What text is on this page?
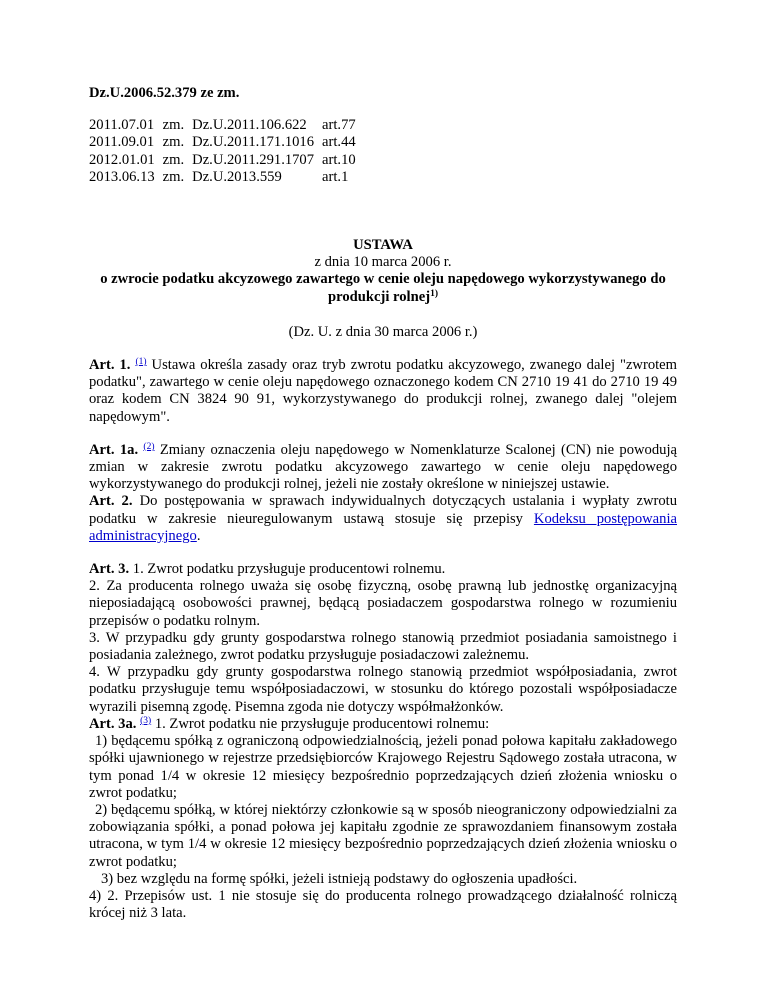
Dz.U.2006.52.379 ze zm.
2011.07.01	zm.	Dz.U.2011.106.622	art.77
2011.09.01	zm.	Dz.U.2011.171.1016	art.44
2012.01.01	zm.	Dz.U.2011.291.1707	art.10
2013.06.13	zm.	Dz.U.2013.559	art.1
USTAWA
z dnia 10 marca 2006 r.
o zwrocie podatku akcyzowego zawartego w cenie oleju napędowego wykorzystywanego do produkcji rolnej$^{1)}$
(Dz. U. z dnia 30 marca 2006 r.)

Art. 1. $^{(1)}$ Ustawa określa zasady oraz tryb zwrotu podatku akcyzowego, zwanego dalej "zwrotem podatku", zawartego w cenie oleju napędowego oznaczonego kodem CN 2710 19 41 do 2710 19 49 oraz kodem CN 3824 90 91, wykorzystywanego do produkcji rolnej, zwanego dalej "olejem napędowym".

Art. 1a. $^{(2)}$ Zmiany oznaczenia oleju napędowego w Nomenklaturze Scalonej (CN) nie powodują zmian w zakresie zwrotu podatku akcyzowego zawartego w cenie oleju napędowego wykorzystywanego do produkcji rolnej, jeżeli nie zostały określone w niniejszej ustawie.

Art. 2. Do postępowania w sprawach indywidualnych dotyczących ustalania i wypłaty zwrotu podatku w zakresie nieuregulowanym ustawą stosuje się przepisy Kodeksu postępowania administracyjnego.

Art. 3. 1. Zwrot podatku przysługuje producentowi rolnemu.

2. Za producenta rolnego uważa się osobę fizyczną, osobę prawną lub jednostkę organizacyjną nieposiadającą osobowości prawnej, będącą posiadaczem gospodarstwa rolnego w rozumieniu przepisów o podatku rolnym.

3. W przypadku gdy grunty gospodarstwa rolnego stanowią przedmiot posiadania samoistnego i posiadania zależnego, zwrot podatku przysługuje posiadaczowi zależnemu.

4. W przypadku gdy grunty gospodarstwa rolnego stanowią przedmiot współposiadania, zwrot podatku przysługuje temu współposiadaczowi, w stosunku do którego pozostali współposiadacze wyrazili pisemną zgodę. Pisemna zgoda nie dotyczy współmałżonków.

Art. 3a. $^{(3)}$ 1. Zwrot podatku nie przysługuje producentowi rolnemu:

1) będącemu spółką z ograniczoną odpowiedzialnością, jeżeli ponad połowa kapitału zakładowego spółki ujawnionego w rejestrze przedsiębiorców Krajowego Rejestru Sądowego została utracona, w tym ponad 1/4 w okresie 12 miesięcy bezpośrednio poprzedzających dzień złożenia wniosku o zwrot podatku;

2) będącemu spółką, w której niektórzy członkowie są w sposób nieograniczony odpowiedzialni za zobowiązania spółki, a ponad połowa jej kapitału zgodnie ze sprawozdaniem finansowym została utracona, w tym 1/4 w okresie 12 miesięcy bezpośrednio poprzedzających dzień złożenia wniosku o zwrot podatku;

3) bez względu na formę spółki, jeżeli istnieją podstawy do ogłoszenia upadłości.

4) 2. Przepisów ust. 1 nie stosuje się do producenta rolnego prowadzącego działalność rolniczą krócej niż 3 lata.
